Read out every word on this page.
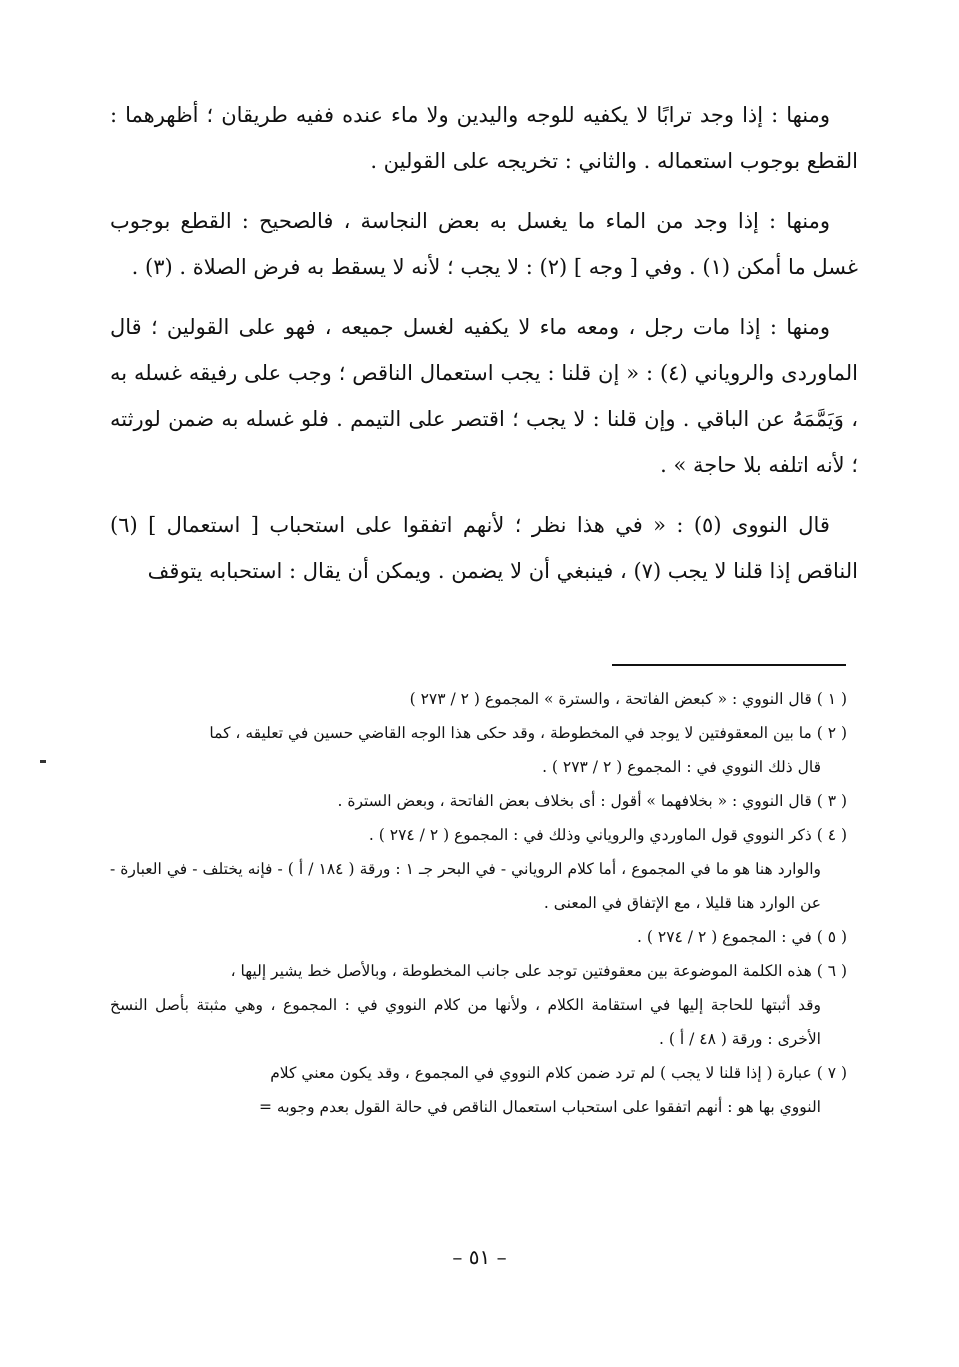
ومنها : إذا وجد ترابًا لا يكفيه للوجه واليدين ولا ماء عنده ففيه طريقان ؛ أظهرهما : القطع بوجوب استعماله . والثاني : تخريجه على القولين .

ومنها : إذا وجد من الماء ما يغسل به بعض النجاسة ، فالصحيح : القطع بوجوب غسل ما أمكن (١) . وفي [ وجه ] (٢) : لا يجب ؛ لأنه لا يسقط به فرض الصلاة . (٣) .

ومنها : إذا مات رجل ، ومعه ماء لا يكفيه لغسل جميعه ، فهو على القولين ؛ قال الماوردى والروياني (٤) : « إن قلنا : يجب استعمال الناقص ؛ وجب على رفيقه غسله به ، وَيَمَّمَهُ عن الباقي . وإن قلنا : لا يجب ؛ اقتصر على التيمم . فلو غسله به ضمن لورثته ؛ لأنه اتلفه بلا حاجة » .

قال النووى (٥) : « في هذا نظر ؛ لأنهم اتفقوا على استحباب [ استعمال ] (٦) الناقص إذا قلنا لا يجب (٧) ، فينبغي أن لا يضمن . ويمكن أن يقال : استحبابه يتوقف

( ١ ) قال النووي : « كبعض الفاتحة ، والسترة » المجموع ( ٢ / ٢٧٣ )

( ٢ ) ما بين المعقوفتين لا يوجد في المخطوطة ، وقد حكى هذا الوجه القاضي حسين في تعليقه ، كما

قال ذلك النووي في : المجموع ( ٢ / ٢٧٣ ) .

( ٣ ) قال النووي : « بخلافهما » أقول : أى بخلاف بعض الفاتحة ، وبعض السترة .

( ٤ ) ذكر النووي قول الماوردي والروياني وذلك في : المجموع ( ٢ / ٢٧٤ ) .

والوارد هنا هو ما في المجموع ، أما كلام الروياني - في البحر جـ ١ : ورقة ( ١٨٤ / أ ) - فإنه يختلف - في العبارة - عن الوارد هنا قليلا ، مع الإتفاق في المعنى .

( ٥ ) في : المجموع ( ٢ / ٢٧٤ ) .

( ٦ ) هذه الكلمة الموضوعة بين معقوفتين توجد على جانب المخطوطة ، وبالأصل خط يشير إليها ،

وقد أثبتها للحاجة إليها في استقامة الكلام ، ولأنها من كلام النووي في : المجموع ، وهي مثبتة بأصل النسخ الأخرى : ورقة ( ٤٨ / أ ) .

( ٧ ) عبارة ( إذا قلنا لا يجب ) لم ترد ضمن كلام النووي في المجموع ، وقد يكون معني كلام

النووي بها هو : أنهم اتفقوا على استحباب استعمال الناقص في حالة القول بعدم وجوبه =

– ٥١ –
